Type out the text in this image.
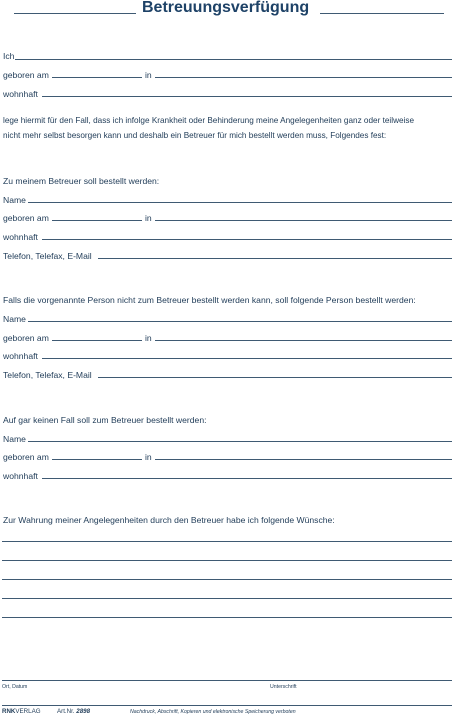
Betreuungsverfügung
Ich
geboren am	in
wohnhaft
lege hiermit für den Fall, dass ich infolge Krankheit oder Behinderung meine Angelegenheiten ganz oder teilweise
nicht mehr selbst besorgen kann und deshalb ein Betreuer für mich bestellt werden muss, Folgendes fest:
Zu meinem Betreuer soll bestellt werden:
Name
geboren am	in
wohnhaft
Telefon, Telefax, E-Mail
Falls die vorgenannte Person nicht zum Betreuer bestellt werden kann, soll folgende Person bestellt werden:
Name
geboren am	in
wohnhaft
Telefon, Telefax, E-Mail
Auf gar keinen Fall soll zum Betreuer bestellt werden:
Name
geboren am	in
wohnhaft
Zur Wahrung meiner Angelegenheiten durch den Betreuer habe ich folgende Wünsche:
Ort, Datum	Unterschrift
RNKVERLAG	Art.Nr. 2898	Nachdruck, Abschrift, Kopieren und elektronische Speicherung verboten
